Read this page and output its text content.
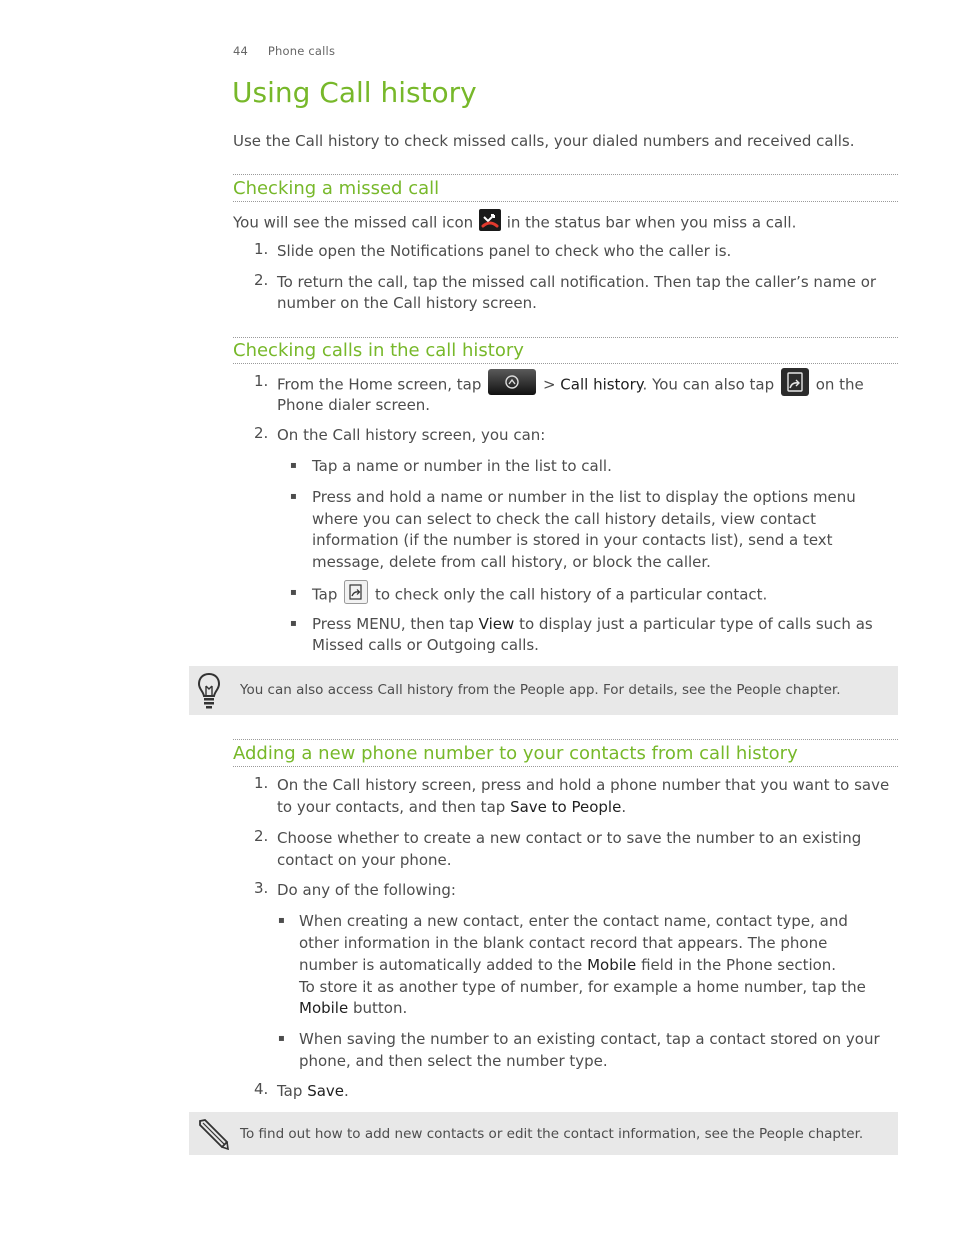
44 Phone calls
Using Call history
Use the Call history to check missed calls, your dialed numbers and received calls.
Checking a missed call
You will see the missed call icon in the status bar when you miss a call.
1. Slide open the Notifications panel to check who the caller is.
2. To return the call, tap the missed call notification. Then tap the caller’s name or
number on the Call history screen.
Checking calls in the call history
1. From the Home screen, tap	> Call history. You can also tap	on the
Phone dialer screen.
2. On the Call history screen, you can:
▪ Tap a name or number in the list to call.
▪ Press and hold a name or number in the list to display the options menu
where you can select to check the call history details, view contact
information (if the number is stored in your contacts list), send a text
message, delete from call history, or block the caller.
▪ Tap	to check only the call history of a particular contact.
▪ Press MENU, then tap View to display just a particular type of calls such as
Missed calls or Outgoing calls.
You can also access Call history from the People app. For details, see the People chapter.
Adding a new phone number to your contacts from call history
1. On the Call history screen, press and hold a phone number that you want to save
to your contacts, and then tap Save to People.
2. Choose whether to create a new contact or to save the number to an existing
contact on your phone.
3. Do any of the following:
▪ When creating a new contact, enter the contact name, contact type, and
other information in the blank contact record that appears. The phone
number is automatically added to the Mobile field in the Phone section.
To store it as another type of number, for example a home number, tap the
Mobile button.
▪ When saving the number to an existing contact, tap a contact stored on your
phone, and then select the number type.
4. Tap Save.
To find out how to add new contacts or edit the contact information, see the People chapter.
